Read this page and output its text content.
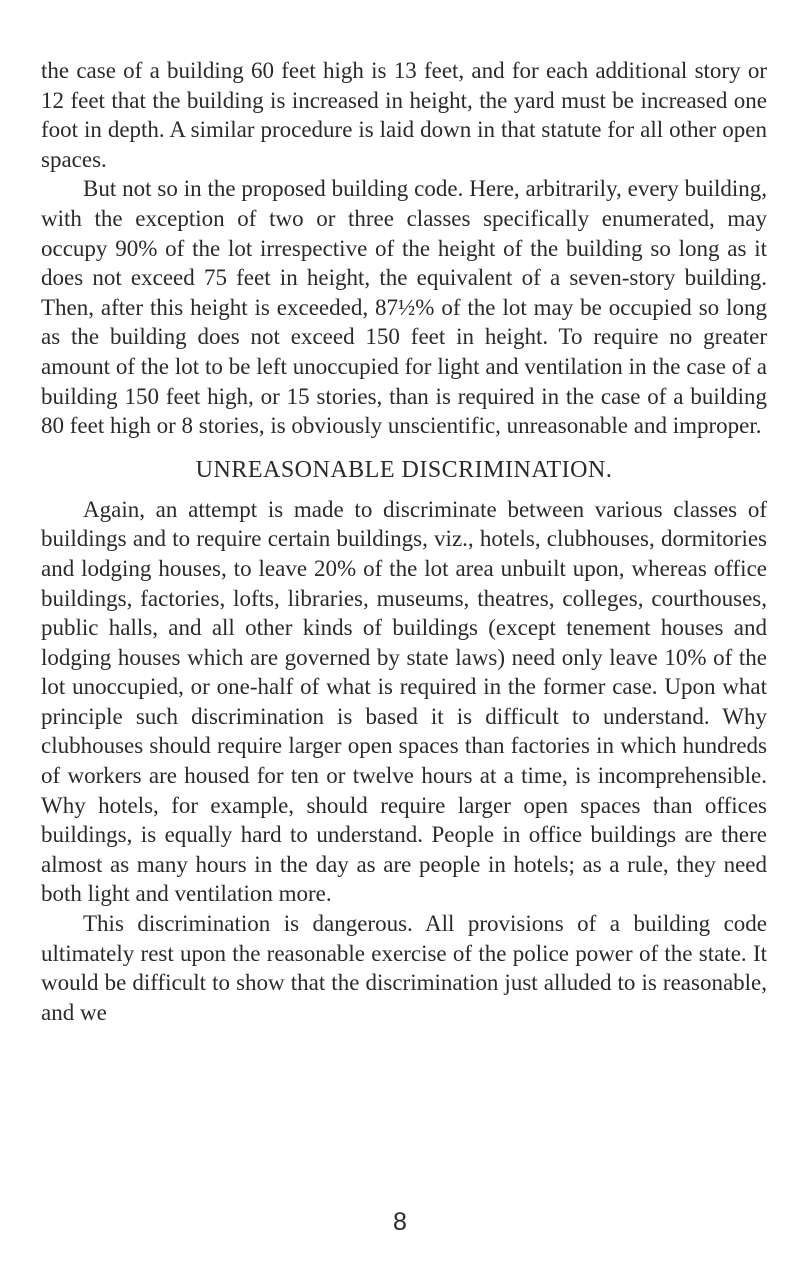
the case of a building 60 feet high is 13 feet, and for each additional story or 12 feet that the building is increased in height, the yard must be increased one foot in depth. A similar procedure is laid down in that statute for all other open spaces.

But not so in the proposed building code. Here, arbitrarily, every building, with the exception of two or three classes specifically enumerated, may occupy 90% of the lot irrespective of the height of the building so long as it does not exceed 75 feet in height, the equivalent of a seven-story building. Then, after this height is exceeded, 87½% of the lot may be occupied so long as the building does not exceed 150 feet in height. To require no greater amount of the lot to be left unoccupied for light and ventilation in the case of a building 150 feet high, or 15 stories, than is required in the case of a building 80 feet high or 8 stories, is obviously unscientific, unreasonable and improper.

UNREASONABLE DISCRIMINATION.

Again, an attempt is made to discriminate between various classes of buildings and to require certain buildings, viz., hotels, clubhouses, dormitories and lodging houses, to leave 20% of the lot area unbuilt upon, whereas office buildings, factories, lofts, libraries, museums, theatres, colleges, courthouses, public halls, and all other kinds of buildings (except tenement houses and lodging houses which are governed by state laws) need only leave 10% of the lot unoccupied, or one-half of what is required in the former case. Upon what principle such discrimination is based it is difficult to understand. Why clubhouses should require larger open spaces than factories in which hundreds of workers are housed for ten or twelve hours at a time, is incomprehensible. Why hotels, for example, should require larger open spaces than offices buildings, is equally hard to understand. People in office buildings are there almost as many hours in the day as are people in hotels; as a rule, they need both light and ventilation more.

This discrimination is dangerous. All provisions of a building code ultimately rest upon the reasonable exercise of the police power of the state. It would be difficult to show that the discrimination just alluded to is reasonable, and we

8
